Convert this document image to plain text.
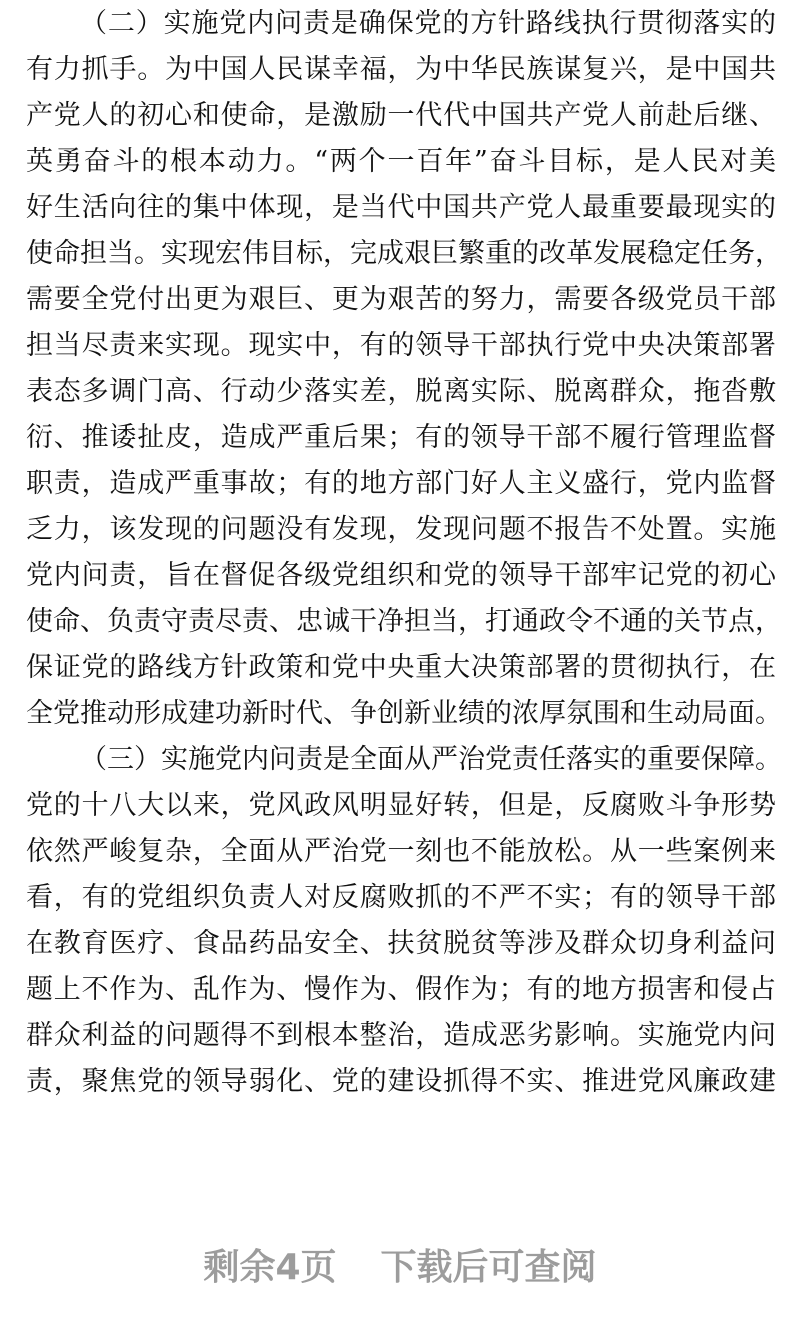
（二）实施党内问责是确保党的方针路线执行贯彻落实的
有力抓手。为中国人民谋幸福，为中华民族谋复兴，是中国共
产党人的初心和使命，是激励一代代中国共产党人前赴后继、
英勇奋斗的根本动力。“两个一百年”奋斗目标，是人民对美
好生活向往的集中体现，是当代中国共产党人最重要最现实的
使命担当。实现宏伟目标，完成艰巨繁重的改革发展稳定任务，
需要全党付出更为艰巨、更为艰苦的努力，需要各级党员干部
担当尽责来实现。现实中，有的领导干部执行党中央决策部署
表态多调门高、行动少落实差，脱离实际、脱离群众，拖沓敷
衍、推诿扯皮，造成严重后果；有的领导干部不履行管理监督
职责，造成严重事故；有的地方部门好人主义盛行，党内监督
乏力，该发现的问题没有发现，发现问题不报告不处置。实施
党内问责，旨在督促各级党组织和党的领导干部牢记党的初心
使命、负责守责尽责、忠诚干净担当，打通政令不通的关节点，
保证党的路线方针政策和党中央重大决策部署的贯彻执行，在
全党推动形成建功新时代、争创新业绩的浓厚氛围和生动局面。
（三）实施党内问责是全面从严治党责任落实的重要保障。
党的十八大以来，党风政风明显好转，但是，反腐败斗争形势
依然严峻复杂，全面从严治党一刻也不能放松。从一些案例来
看，有的党组织负责人对反腐败抓的不严不实；有的领导干部
在教育医疗、食品药品安全、扶贫脱贫等涉及群众切身利益问
题上不作为、乱作为、慢作为、假作为；有的地方损害和侵占
群众利益的问题得不到根本整治，造成恶劣影响。实施党内问
责，聚焦党的领导弱化、党的建设抓得不实、推进党风廉政建
剩余4页 下载后可查阅
